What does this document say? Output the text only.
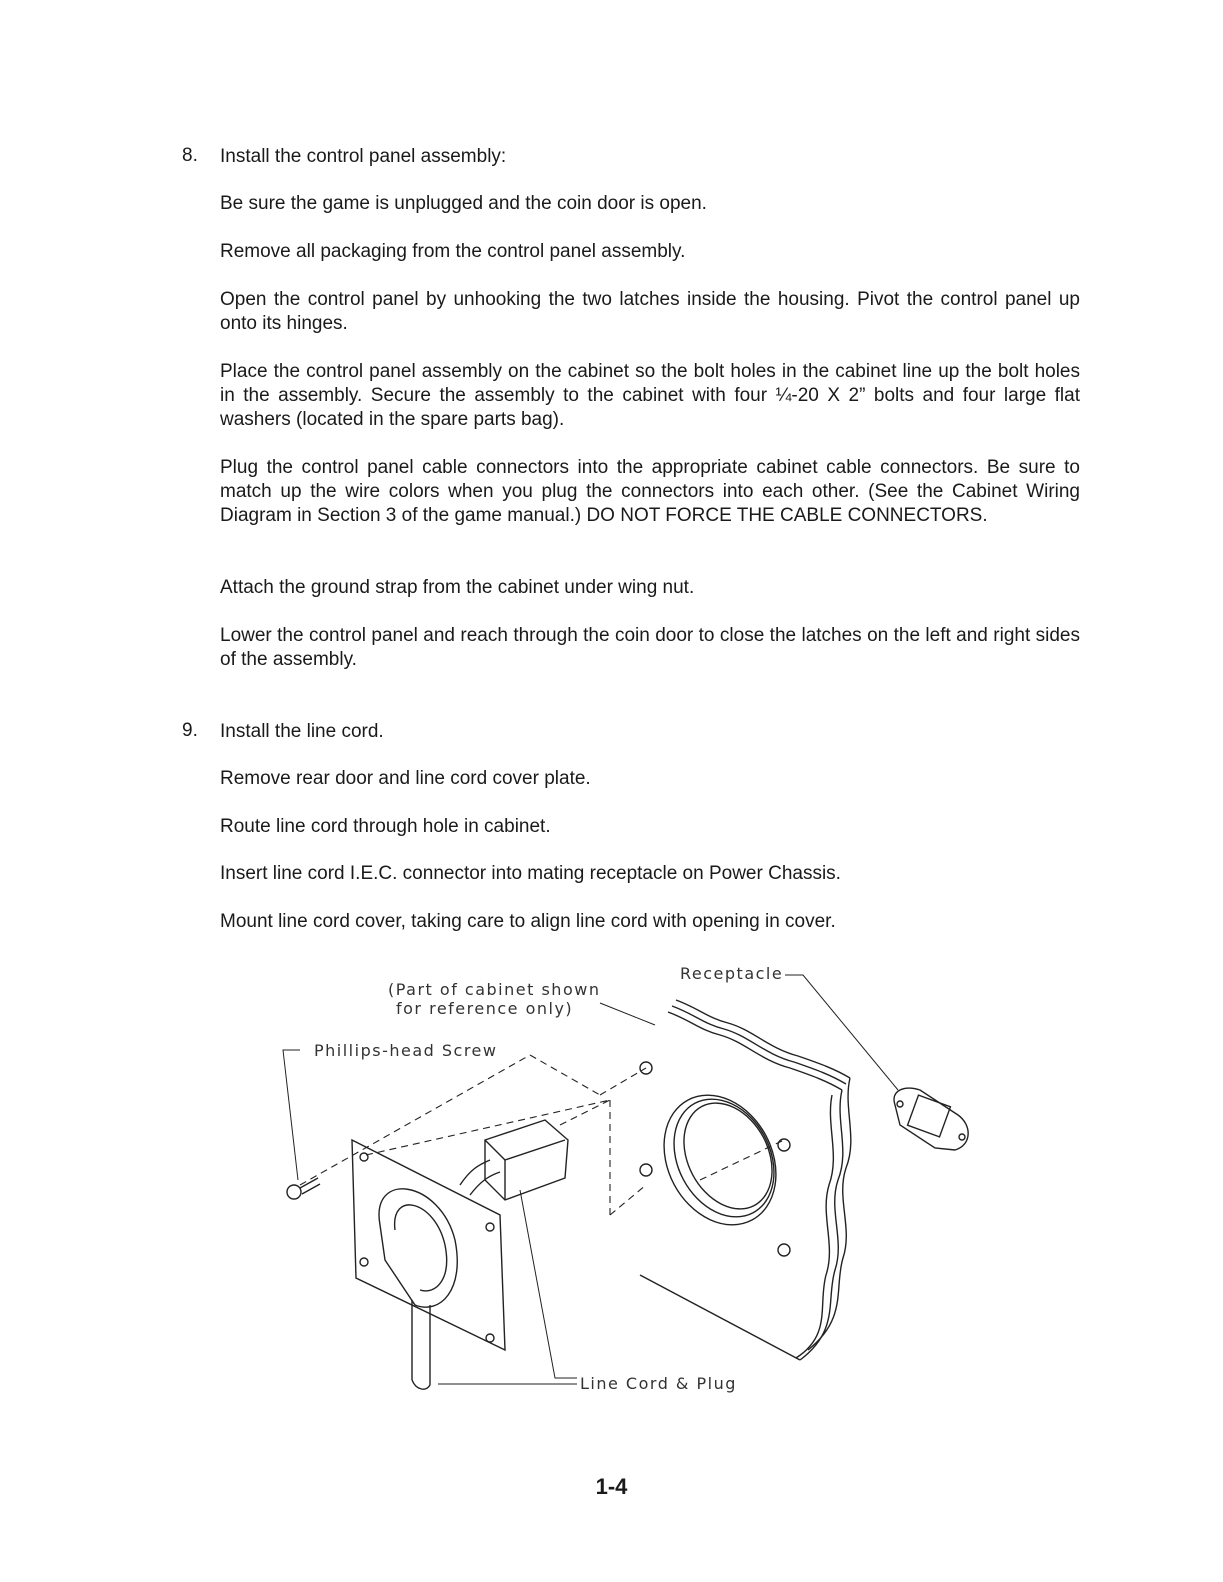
8. Install the control panel assembly:

Be sure the game is unplugged and the coin door is open.

Remove all packaging from the control panel assembly.

Open the control panel by unhooking the two latches inside the housing. Pivot the control panel up onto its hinges.

Place the control panel assembly on the cabinet so the bolt holes in the cabinet line up the bolt holes in the assembly. Secure the assembly to the cabinet with four ¼-20 X 2” bolts and four large flat washers (located in the spare parts bag).

Plug the control panel cable connectors into the appropriate cabinet cable connectors. Be sure to match up the wire colors when you plug the connectors into each other. (See the Cabinet Wiring Diagram in Section 3 of the game manual.) DO NOT FORCE THE CABLE CONNECTORS.

Attach the ground strap from the cabinet under wing nut.

Lower the control panel and reach through the coin door to close the latches on the left and right sides of the assembly.

9. Install the line cord.

Remove rear door and line cord cover plate.

Route line cord through hole in cabinet.

Insert line cord I.E.C. connector into mating receptacle on Power Chassis.

Mount line cord cover, taking care to align line cord with opening in cover.

Receptacle
(Part of cabinet shown
for reference only)
Phillips-head Screw
Line Cord & Plug
1-4
